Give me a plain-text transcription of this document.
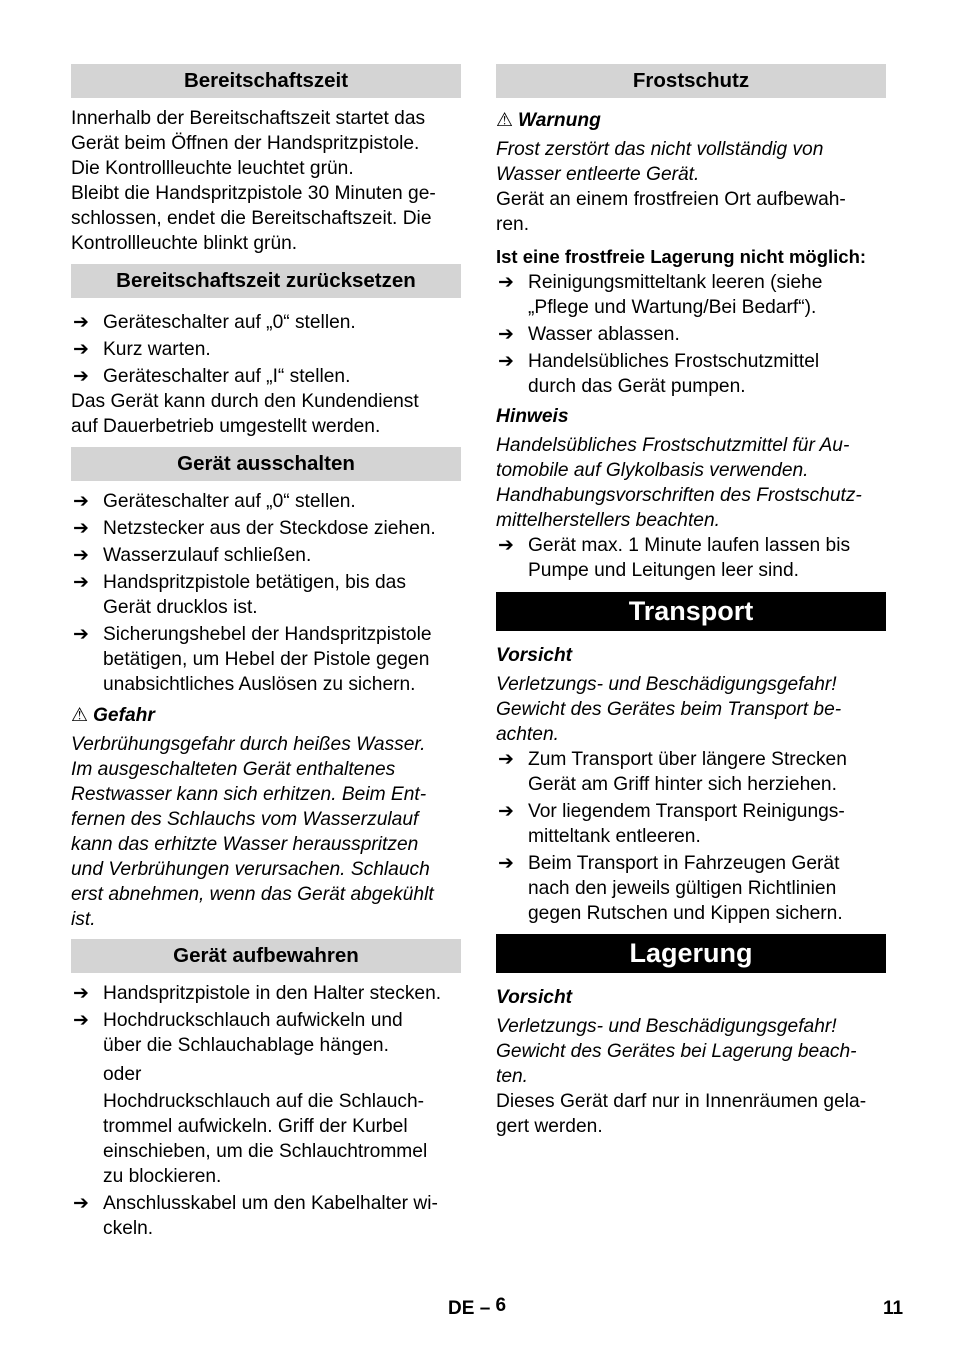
Bereitschaftszeit
Innerhalb der Bereitschaftszeit startet das
Gerät beim Öffnen der Handspritzpistole.
Die Kontrollleuchte leuchtet grün.
Bleibt die Handspritzpistole 30 Minuten ge-
schlossen, endet die Bereitschaftszeit. Die
Kontrollleuchte blinkt grün.
Bereitschaftszeit zurücksetzen
➔ Geräteschalter auf „0“ stellen.
➔ Kurz warten.
➔ Geräteschalter auf „I“ stellen.
Das Gerät kann durch den Kundendienst
auf Dauerbetrieb umgestellt werden.
Gerät ausschalten
➔ Geräteschalter auf „0“ stellen.
➔ Netzstecker aus der Steckdose ziehen.
➔ Wasserzulauf schließen.
➔ Handspritzpistole betätigen, bis das
Gerät drucklos ist.
➔ Sicherungshebel der Handspritzpistole
betätigen, um Hebel der Pistole gegen
unabsichtliches Auslösen zu sichern.
⚠ Gefahr
Verbrühungsgefahr durch heißes Wasser.
Im ausgeschalteten Gerät enthaltenes
Restwasser kann sich erhitzen. Beim Ent-
fernen des Schlauchs vom Wasserzulauf
kann das erhitzte Wasser herausspritzen
und Verbrühungen verursachen. Schlauch
erst abnehmen, wenn das Gerät abgekühlt
ist.
Gerät aufbewahren
➔ Handspritzpistole in den Halter stecken.
➔ Hochdruckschlauch aufwickeln und
über die Schlauchablage hängen.
oder
Hochdruckschlauch auf die Schlauch-
trommel aufwickeln. Griff der Kurbel
einschieben, um die Schlauchtrommel
zu blockieren.
➔ Anschlusskabel um den Kabelhalter wi-
ckeln.
Frostschutz
⚠ Warnung
Frost zerstört das nicht vollständig von
Wasser entleerte Gerät.
Gerät an einem frostfreien Ort aufbewah-
ren.
Ist eine frostfreie Lagerung nicht möglich:
➔ Reinigungsmitteltank leeren (siehe
„Pflege und Wartung/Bei Bedarf“).
➔ Wasser ablassen.
➔ Handelsübliches Frostschutzmittel
durch das Gerät pumpen.
Hinweis
Handelsübliches Frostschutzmittel für Au-
tomobile auf Glykolbasis verwenden.
Handhabungsvorschriften des Frostschutz-
mittelherstellers beachten.
➔ Gerät max. 1 Minute laufen lassen bis
Pumpe und Leitungen leer sind.
Transport
Vorsicht
Verletzungs- und Beschädigungsgefahr!
Gewicht des Gerätes beim Transport be-
achten.
➔ Zum Transport über längere Strecken
Gerät am Griff hinter sich herziehen.
➔ Vor liegendem Transport Reinigungs-
mitteltank entleeren.
➔ Beim Transport in Fahrzeugen Gerät
nach den jeweils gültigen Richtlinien
gegen Rutschen und Kippen sichern.
Lagerung
Vorsicht
Verletzungs- und Beschädigungsgefahr!
Gewicht des Gerätes bei Lagerung beach-
ten.
Dieses Gerät darf nur in Innenräumen gela-
gert werden.
DE – 6	11
